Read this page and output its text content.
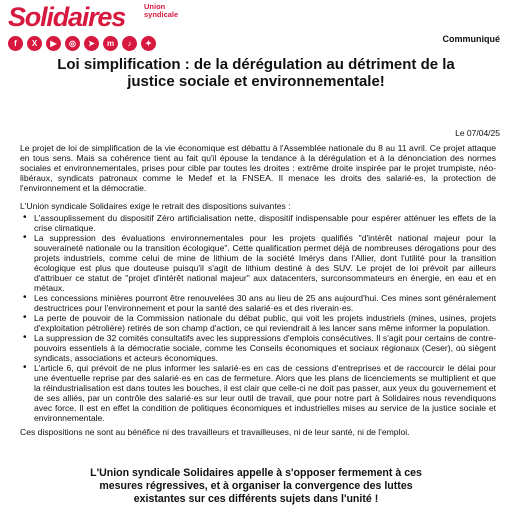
Solidaires	Union
syndicale
f	X	▶	◎	➤	m	♪	✦	Communiqué
Loi simplification : de la dérégulation au détriment de la
justice sociale et environnementale!
Le 07/04/25

Le projet de loi de simplification de la vie économique est débattu à l'Assemblée nationale du 8 au 11 avril. Ce projet attaque en tous sens. Mais sa cohérence tient au fait qu'il épouse la tendance à la dérégulation et à la dénonciation des normes sociales et environnementales, prises pour cible par toutes les droites : extrême droite inspirée par le projet trumpiste, néo-libéraux, syndicats patronaux comme le Medef et la FNSEA. Il menace les droits des salarié·es, la protection de l'environnement et la démocratie.

L'Union syndicale Solidaires exige le retrait des dispositions suivantes :

• L'assouplissement du dispositif Zéro artificialisation nette, dispositif indispensable pour espérer atténuer les effets de la crise climatique.
• La suppression des évaluations environnementales pour les projets qualifiés "d'intérêt national majeur pour la souveraineté nationale ou la transition écologique". Cette qualification permet déjà de nombreuses dérogations pour des projets industriels, comme celui de mine de lithium de la société Imérys dans l'Allier, dont l'utilité pour la transition écologique est plus que douteuse puisqu'il s'agit de lithium destiné à des SUV. Le projet de loi prévoit par ailleurs d'attribuer ce statut de "projet d'intérêt national majeur" aux datacenters, surconsommateurs en énergie, en eau et en métaux.
• Les concessions minières pourront être renouvelées 30 ans au lieu de 25 ans aujourd'hui. Ces mines sont généralement destructrices pour l'environnement et pour la santé des salarié·es et des riverain·es.
• La perte de pouvoir de la Commission nationale du débat public, qui voit les projets industriels (mines, usines, projets d'exploitation pétrolière) retirés de son champ d'action, ce qui reviendrait à les lancer sans même informer la population.
• La suppression de 32 comités consultatifs avec les suppressions d'emplois consécutives. Il s'agit pour certains de contre-pouvoirs essentiels à la démocratie sociale, comme les Conseils économiques et sociaux régionaux (Ceser), où siègent syndicats, associations et acteurs économiques.
• L'article 6, qui prévoit de ne plus informer les salarié·es en cas de cessions d'entreprises et de raccourcir le délai pour une éventuelle reprise par des salarié·es en cas de fermeture. Alors que les plans de licenciements se multiplient et que la réindustrialisation est dans toutes les bouches, il est clair que celle-ci ne doit pas passer, aux yeux du gouvernement et de ses alliés, par un contrôle des salarié·es sur leur outil de travail, que pour notre part à Solidaires nous revendiquons avec force. Il est en effet la condition de politiques économiques et industrielles mises au service de la justice sociale et environnementale.

Ces dispositions ne sont au bénéfice ni des travailleurs et travailleuses, ni de leur santé, ni de l'emploi.

L'Union syndicale Solidaires appelle à s'opposer fermement à ces
mesures régressives, et à organiser la convergence des luttes
existantes sur ces différents sujets dans l'unité !
